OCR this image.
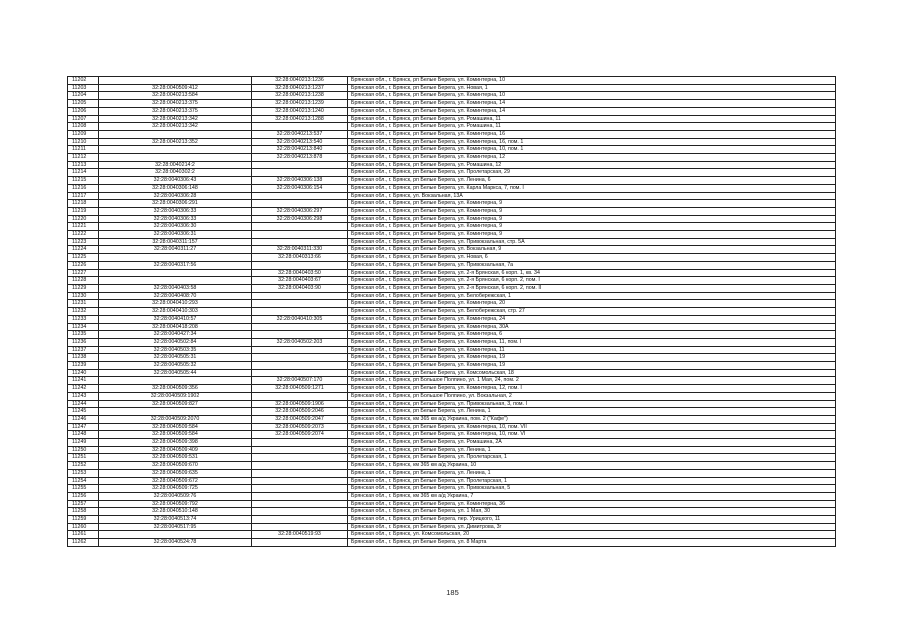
11202		32:28:0040213:1236	Брянская обл., г. Брянск, рп Белые Берега, ул. Коминтерна, 10
11203	32:28:0040509:412	32:28:0040213:1237	Брянская обл., г. Брянск, рп Белые Берега, ул. Новая, 1
11204	32:28:0040213:584	32:28:0040213:1238	Брянская обл., г. Брянск, рп Белые Берега, ул. Коминтерна, 10
11205	32:28:0040213:375	32:28:0040213:1239	Брянская обл., г. Брянск, рп Белые Берега, ул. Коминтерна, 14
11206	32:28:0040213:375	32:28:0040213:1240	Брянская обл., г. Брянск, рп Белые Берега, ул. Коминтерна, 14
11207	32:28:0040213:342	32:28:0040213:1288	Брянская обл., г. Брянск, рп Белые Берега, ул. Ромашина, 11
11208	32:28:0040213:342		Брянская обл., г. Брянск, рп Белые Берега, ул. Ромашина, 11
11209		32:28:0040213:537	Брянская обл., г. Брянск, рп Белые Берега, ул. Коминтерна, 16
11210	32:28:0040213:352	32:28:0040213:540	Брянская обл., г. Брянск, рп Белые Берега, ул. Коминтерна, 16, пом. 1
11211		32:28:0040213:840	Брянская обл., г. Брянск, рп Белые Берега, ул. Коминтерна, 10, пом. 1
11212		32:28:0040213:878	Брянская обл., г. Брянск, рп Белые Берега, ул. Коминтерна, 12
11213	32:28:0040214:2		Брянская обл., г. Брянск, рп Белые Берега, ул. Ромашина, 12
11214	32:28:0040302:2		Брянская обл., г. Брянск, рп Белые Берега, ул. Пролетарская, 29
11215	32:28:0040306:43	32:28:0040306:138	Брянская обл., г. Брянск, рп Белые Берега, ул. Ленина, 6
11216	32:28:0040306:148	32:28:0040306:154	Брянская обл., г. Брянск, рп Белые Берега, ул. Карла Маркса, 7, пом. I
11217	32:28:0040306:28		Брянская обл., г. Брянск, ул. Вокзальная, 13А
11218	32:28:0040306:291		Брянская обл., г. Брянск, рп Белые Берега, ул. Коминтерна, 9
11219	32:28:0040306:33	32:28:0040306:297	Брянская обл., г. Брянск, рп Белые Берега, ул. Коминтерна, 9
11220	32:28:0040306:33	32:28:0040306:298	Брянская обл., г. Брянск, рп Белые Берега, ул. Коминтерна, 9
11221	32:28:0040306:30		Брянская обл., г. Брянск, рп Белые Берега, ул. Коминтерна, 9
11222	32:28:0040306:31		Брянская обл., г. Брянск, рп Белые Берега, ул. Коминтерна, 9
11223	32:28:0040311:157		Брянская обл., г. Брянск, рп Белые Берега, ул. Привокзальная, стр. 5А
11224	32:28:0040311:27	32:28:0040311:330	Брянская обл., г. Брянск, рп Белые Берега, ул. Вокзальная, 9
11225		32:28:0040313:66	Брянская обл., г. Брянск, рп Белые Берега, ул. Новая, 6
11226	32:28:0040317:56		Брянская обл., г. Брянск, рп Белые Берега, ул. Привокзальная, 7а
11227		32:28:0040403:50	Брянская обл., г. Брянск, рп Белые Берега, ул. 2-я Брянская, 6 корп. 1, кв. 34
11228		32:28:0040403:67	Брянская обл., г. Брянск, рп Белые Берега, ул. 2-я Брянская, 6 корп. 2, пом. I
11229	32:28:0040403:58	32:28:0040403:90	Брянская обл., г. Брянск, рп Белые Берега, ул. 2-я Брянская, 6 корп. 2, пом. II
11230	32:28:0040408:70		Брянская обл., г. Брянск, рп Белые Берега, ул. Белобережская, 1
11231	32:28:0040410:293		Брянская обл., г. Брянск, рп Белые Берега, ул. Коминтерна, 20
11232	32:28:0040410:303		Брянская обл., г. Брянск, рп Белые Берега, ул. Белобережская, стр. 27
11233	32:28:0040410:57	32:28:0040410:305	Брянская обл., г. Брянск, рп Белые Берега, ул. Коминтерна, 24
11234	32:28:0040418:208		Брянская обл., г. Брянск, рп Белые Берега, ул. Коминтерна, 30А
11235	32:28:0040427:34		Брянская обл., г. Брянск, рп Белые Берега, ул. Коминтерна, 6
11236	32:28:0040502:84	32:28:0040502:203	Брянская обл., г. Брянск, рп Белые Берега, ул. Коминтерна, 11, пом. I
11237	32:28:0040503:35		Брянская обл., г. Брянск, рп Белые Берега, ул. Коминтерна, 11
11238	32:28:0040505:31		Брянская обл., г. Брянск, рп Белые Берега, ул. Коминтерна, 19
11239	32:28:0040505:32		Брянская обл., г. Брянск, рп Белые Берега, ул. Коминтерна, 19
11240	32:28:0040505:44		Брянская обл., г. Брянск, рп Белые Берега, ул. Комсомольская, 18
11241		32:28:0040507:170	Брянская обл., г. Брянск, рп Большое Полпино, ул. 1 Мая, 24, пом. 2
11242	32:28:0040509:356	32:28:0040509:1271	Брянская обл., г. Брянск, рп Белые Берега, ул. Коминтерна, 12, пом. I
11243	32:28:0040509:1902		Брянская обл., г. Брянск, рп Большое Полпино, ул. Вокзальная, 2
11244	32:28:0040509:827	32:28:0040509:1906	Брянская обл., г. Брянск, рп Белые Берега, ул. Привокзальная, 3, пом. I
11245		32:28:0040509:2046	Брянская обл., г. Брянск, рп Белые Берега, ул. Ленина, 1
11246	32:28:0040509:2070	32:28:0040509:2047	Брянская обл., г. Брянск, км 365 км а/д Украина, пом. 2 ("Кафе")
11247	32:28:0040509:584	32:28:0040509:2073	Брянская обл., г. Брянск, рп Белые Берега, ул. Коминтерна, 10, пом. VII
11248	32:28:0040509:584	32:28:0040509:2074	Брянская обл., г. Брянск, рп Белые Берега, ул. Коминтерна, 10, пом. VI
11249	32:28:0040509:398		Брянская обл., г. Брянск, рп Белые Берега, ул. Ромашина, 2А
11250	32:28:0040509:409		Брянская обл., г. Брянск, рп Белые Берега, ул. Ленина, 1
11251	32:28:0040509:531		Брянская обл., г. Брянск, рп Белые Берега, ул. Пролетарская, 1
11252	32:28:0040509:670		Брянская обл., г. Брянск, км 365 км а/д Украина, 10
11253	32:28:0040509:635		Брянская обл., г. Брянск, рп Белые Берега, ул. Ленина, 1
11254	32:28:0040509:672		Брянская обл., г. Брянск, рп Белые Берега, ул. Пролетарская, 1
11255	32:28:0040509:725		Брянская обл., г. Брянск, рп Белые Берега, ул. Привокзальная, 5
11256	32:28:0040509:76		Брянская обл., г. Брянск, км 365 км а/д Украина, 7
11257	32:28:0040509:792		Брянская обл., г. Брянск, рп Белые Берега, ул. Коминтерна, 36
11258	32:28:0040510:148		Брянская обл., г. Брянск, рп Белые Берега, ул. 1 Мая, 30
11259	32:28:0040513:74		Брянская обл., г. Брянск, рп Белые Берега, пер. Урицкого, 11
11260	32:28:0040517:95		Брянская обл., г. Брянск, рп Белые Берега, ул. Димитрова, 3г
11261		32:28:0040519:93	Брянская обл., г. Брянск, ул. Комсомольская, 20
11262	32:28:0040524:78		Брянская обл., г. Брянск, рп Белые Берега, ул. 8 Марта
185
